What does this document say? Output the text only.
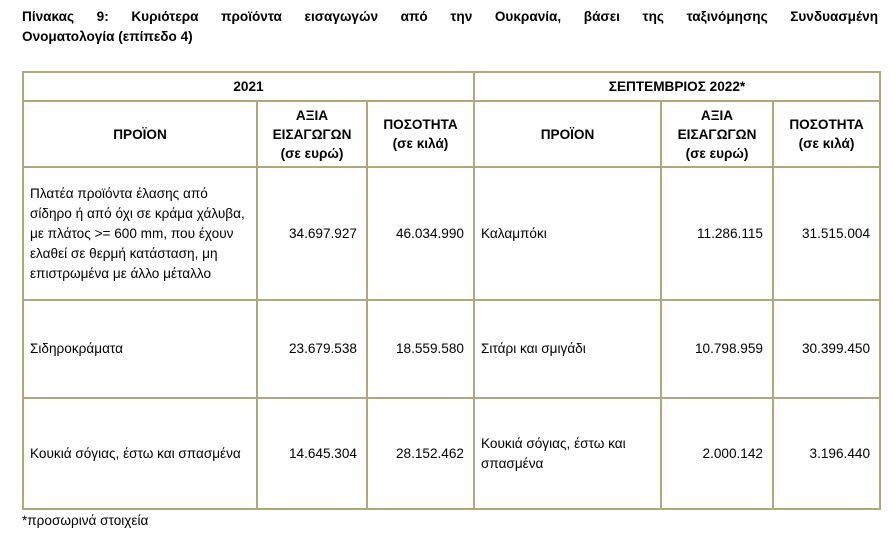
Πίνακας 9: Κυριότερα προϊόντα εισαγωγών από την Ουκρανία, βάσει της ταξινόμησης Συνδυασμένη
Ονοματολογία (επίπεδο 4)
2021			ΣΕΠΤΕΜΒΡΙΟΣ 2022*		
ΠΡΟΪΟΝ	ΑΞΙΑ ΕΙΣΑΓΩΓΩΝ (σε ευρώ)	ΠΟΣΟΤΗΤΑ (σε κιλά)	ΠΡΟΪΟΝ	ΑΞΙΑ ΕΙΣΑΓΩΓΩΝ (σε ευρώ)	ΠΟΣΟΤΗΤΑ (σε κιλά)
Πλατέα προϊόντα έλασης από σίδηρο ή από όχι σε κράμα χάλυβα, με πλάτος >= 600 mm, που έχουν ελαθεί σε θερμή κατάσταση, μη επιστρωμένα με άλλο μέταλλο	34.697.927	46.034.990	Καλαμπόκι	11.286.115	31.515.004
Σιδηροκράματα	23.679.538	18.559.580	Σιτάρι και σμιγάδι	10.798.959	30.399.450
Κουκιά σόγιας, έστω και σπασμένα	14.645.304	28.152.462	Κουκιά σόγιας, έστω και σπασμένα	2.000.142	3.196.440

*προσωρινά στοιχεία
